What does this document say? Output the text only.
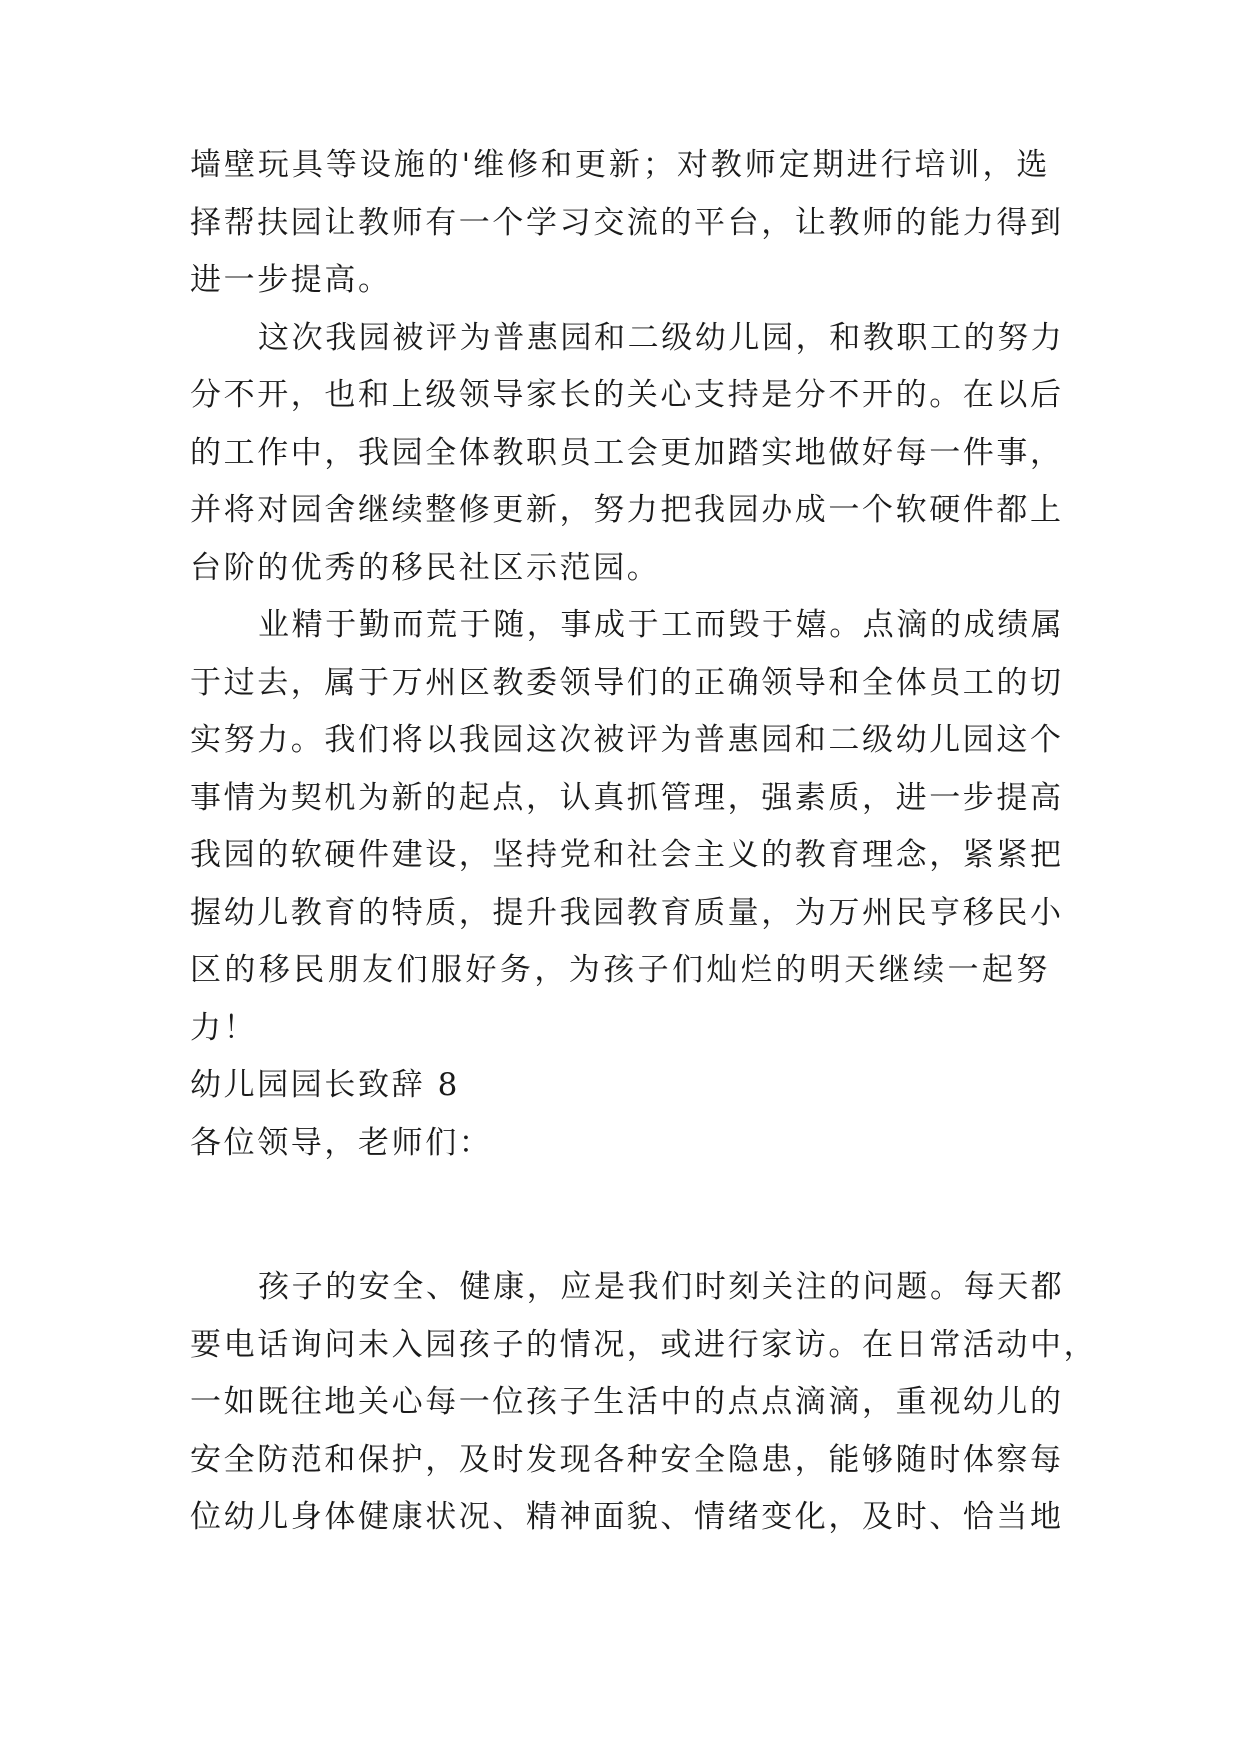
墙壁玩具等设施的'维修和更新；对教师定期进行培训，选
择帮扶园让教师有一个学习交流的平台，让教师的能力得到
进一步提高。
这次我园被评为普惠园和二级幼儿园，和教职工的努力
分不开，也和上级领导家长的关心支持是分不开的。在以后
的工作中，我园全体教职员工会更加踏实地做好每一件事，
并将对园舍继续整修更新，努力把我园办成一个软硬件都上
台阶的优秀的移民社区示范园。
业精于勤而荒于随，事成于工而毁于嬉。点滴的成绩属
于过去，属于万州区教委领导们的正确领导和全体员工的切
实努力。我们将以我园这次被评为普惠园和二级幼儿园这个
事情为契机为新的起点，认真抓管理，强素质，进一步提高
我园的软硬件建设，坚持党和社会主义的教育理念，紧紧把
握幼儿教育的特质，提升我园教育质量，为万州民亨移民小
区的移民朋友们服好务，为孩子们灿烂的明天继续一起努
力！
幼儿园园长致辞 8
各位领导，老师们：
孩子的安全、健康，应是我们时刻关注的问题。每天都
要电话询问未入园孩子的情况，或进行家访。在日常活动中，
一如既往地关心每一位孩子生活中的点点滴滴，重视幼儿的
安全防范和保护，及时发现各种安全隐患，能够随时体察每
位幼儿身体健康状况、精神面貌、情绪变化，及时、恰当地
